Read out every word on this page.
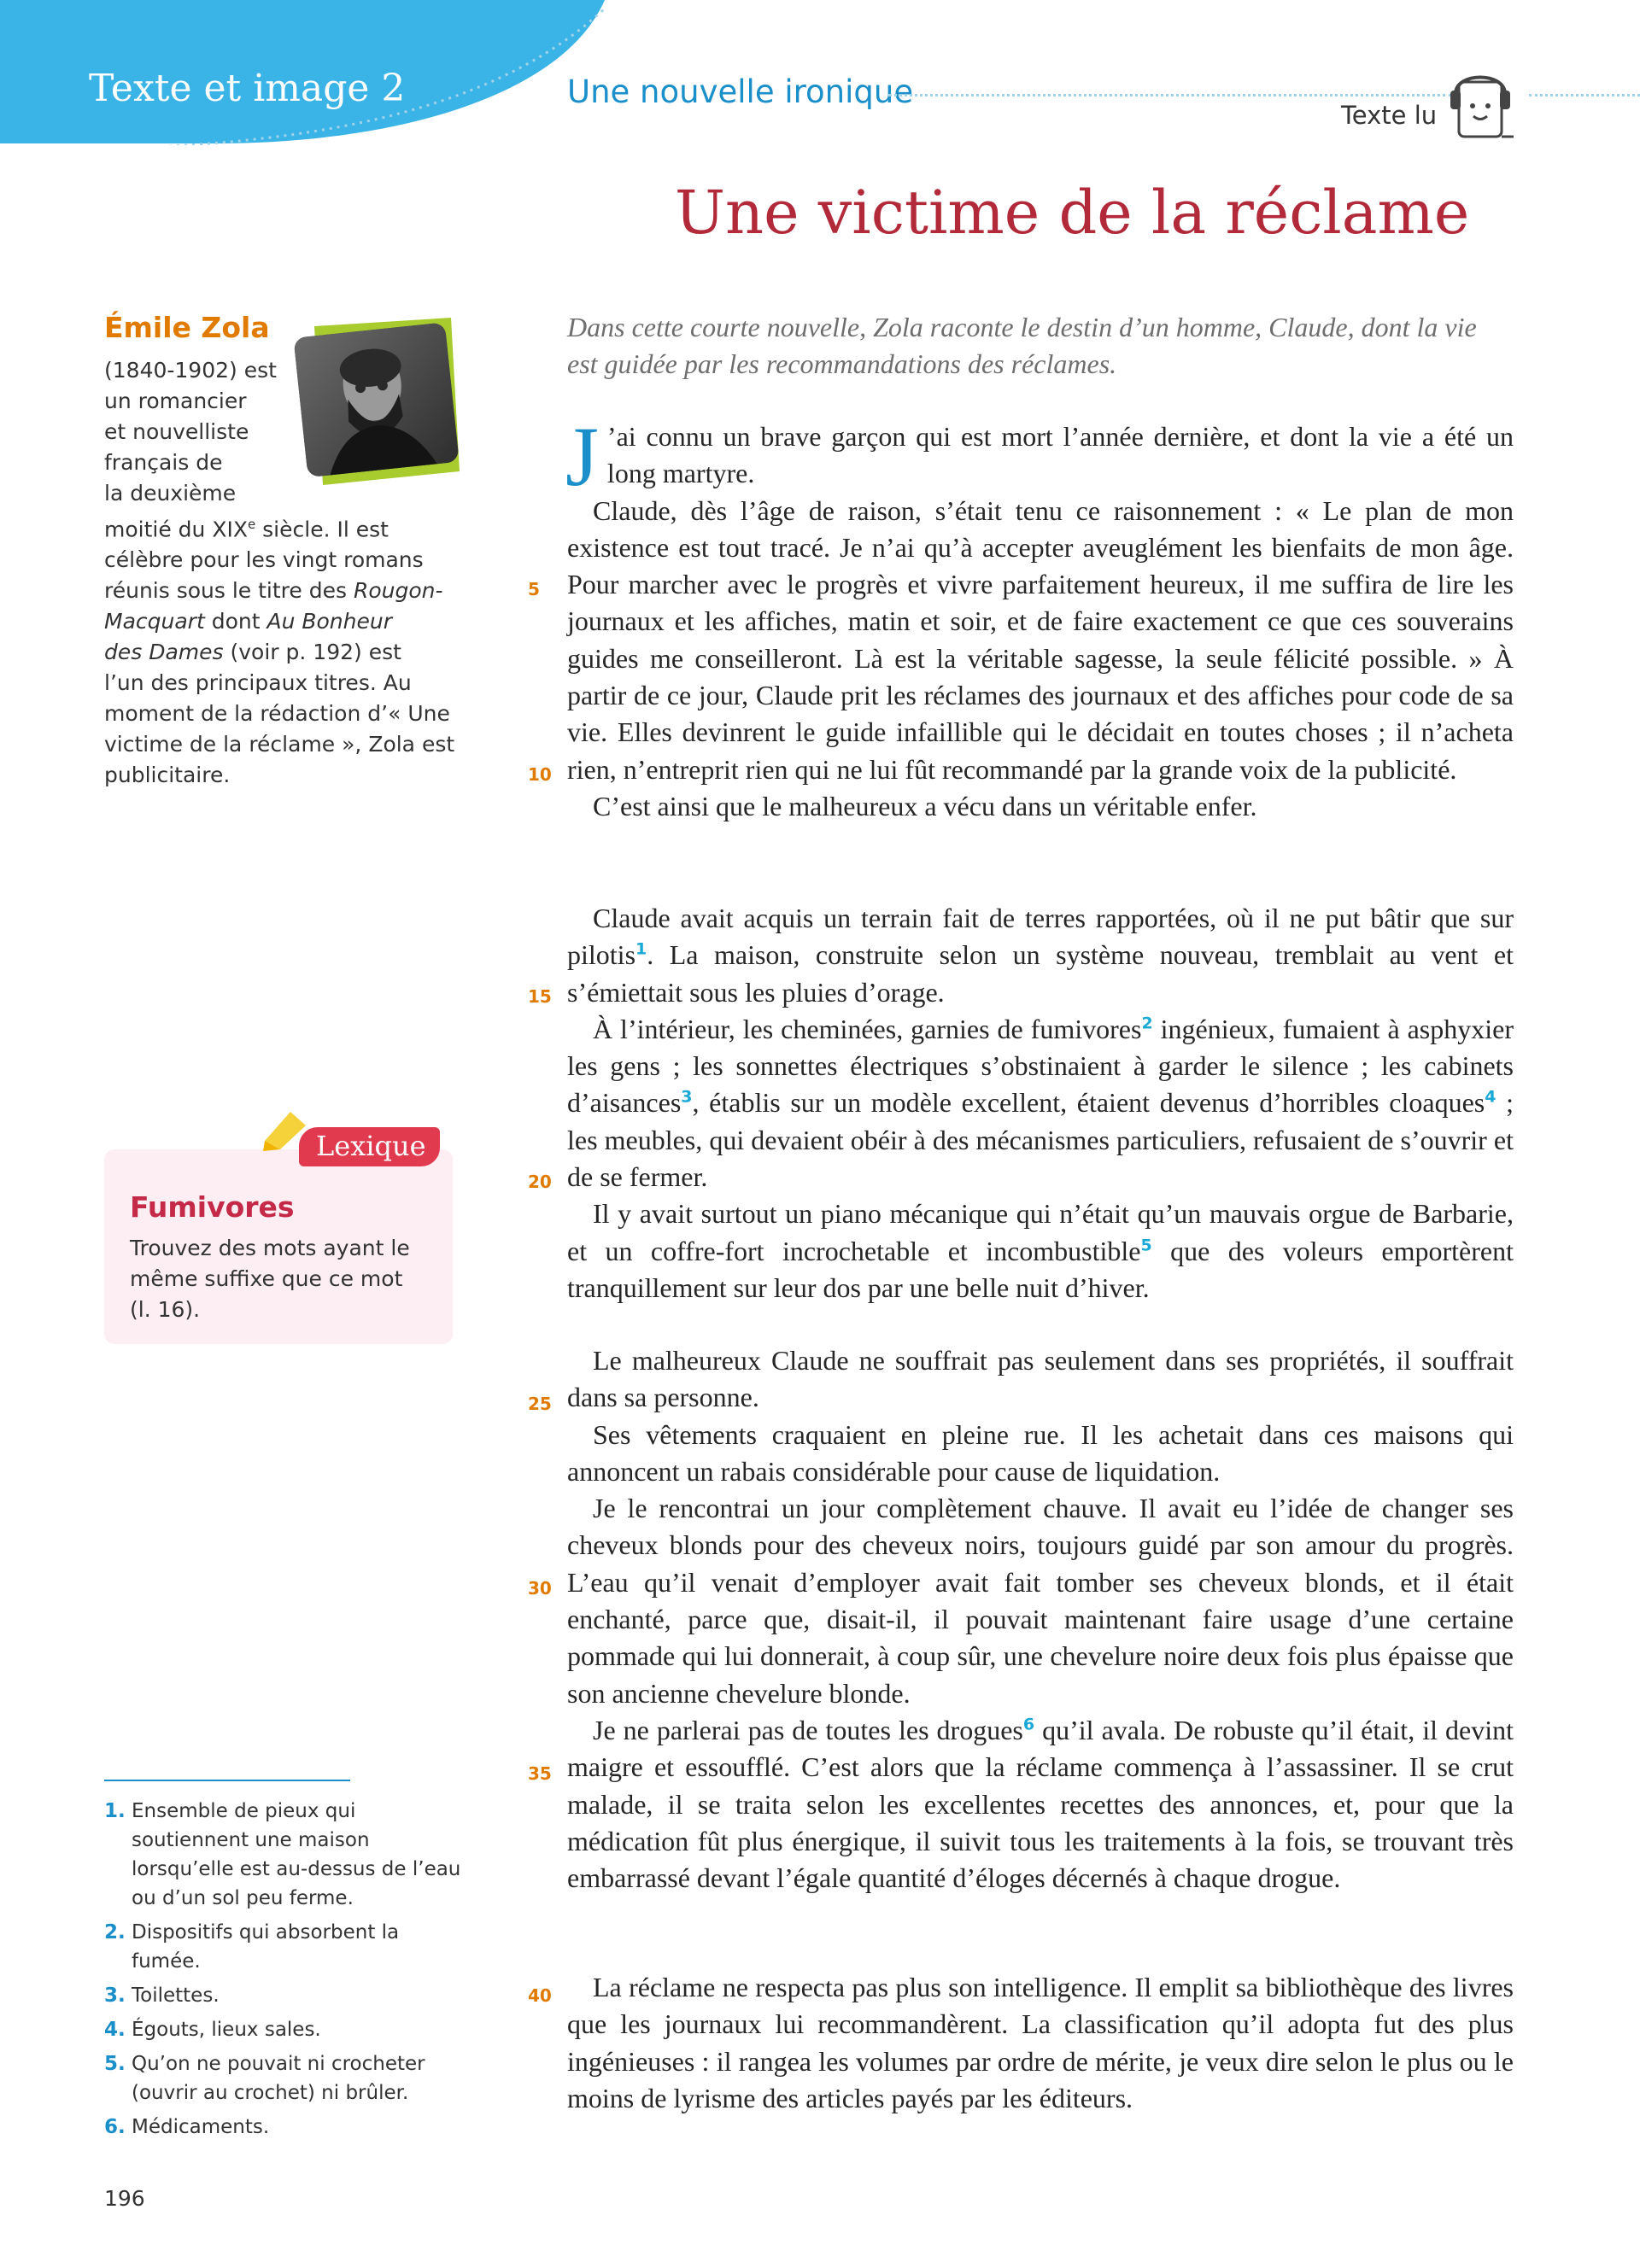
Texte et image 2	Une nouvelle ironique
Texte lu
Une victime de la réclame
Émile Zola
(1840-1902) est
un romancier
et nouvelliste
français de
la deuxième
moitié du XIXe siècle. Il est
célèbre pour les vingt romans
réunis sous le titre des Rougon-
Macquart dont Au Bonheur
des Dames (voir p. 192) est
l’un des principaux titres. Au
moment de la rédaction d’« Une
victime de la réclame », Zola est
publicitaire.
Lexique
Fumivores
Trouvez des mots ayant le même suffixe que ce mot (l. 16).
1. Ensemble de pieux qui soutiennent une maison lorsqu’elle est au-dessus de l’eau ou d’un sol peu ferme.
2. Dispositifs qui absorbent la fumée.
3. Toilettes.
4. Égouts, lieux sales.
5. Qu’on ne pouvait ni crocheter (ouvrir au crochet) ni brûler.
6. Médicaments.
196
Dans cette courte nouvelle, Zola raconte le destin d’un homme, Claude, dont la vie est guidée par les recommandations des réclames.

J ’ai connu un brave garçon qui est mort l’année dernière, et dont la vie a été un long martyre.

Claude, dès l’âge de raison, s’était tenu ce raisonnement : « Le plan de mon existence est tout tracé. Je n’ai qu’à accepter aveuglément les bienfaits de mon âge. Pour marcher avec le progrès et vivre parfaitement heureux, il me suffira de lire les journaux et les affiches, matin et soir, et de faire exactement ce que ces souverains guides me conseilleront. Là est la véritable sagesse, la seule félicité possible. » À partir de ce jour, Claude prit les réclames des journaux et des affiches pour code de sa vie. Elles devinrent le guide infaillible qui le décidait en toutes choses ; il n’acheta rien, n’entreprit rien qui ne lui fût recommandé par la grande voix de la publicité.

C’est ainsi que le malheureux a vécu dans un véritable enfer.

Claude avait acquis un terrain fait de terres rapportées, où il ne put bâtir que sur pilotis$^1$. La maison, construite selon un système nouveau, tremblait au vent et s’émiettait sous les pluies d’orage.

À l’intérieur, les cheminées, garnies de fumivores$^2$ ingénieux, fumaient à asphyxier les gens ; les sonnettes électriques s’obstinaient à garder le silence ; les cabinets d’aisances$^3$, établis sur un modèle excellent, étaient devenus d’horribles cloaques$^4$ ; les meubles, qui devaient obéir à des mécanismes particuliers, refusaient de s’ouvrir et de se fermer.

Il y avait surtout un piano mécanique qui n’était qu’un mauvais orgue de Barbarie, et un coffre-fort incrochetable et incombustible$^5$ que des voleurs emportèrent tranquillement sur leur dos par une belle nuit d’hiver.

Le malheureux Claude ne souffrait pas seulement dans ses propriétés, il souffrait dans sa personne.

Ses vêtements craquaient en pleine rue. Il les achetait dans ces maisons qui annoncent un rabais considérable pour cause de liquidation.

Je le rencontrai un jour complètement chauve. Il avait eu l’idée de changer ses cheveux blonds pour des cheveux noirs, toujours guidé par son amour du progrès. L’eau qu’il venait d’employer avait fait tomber ses cheveux blonds, et il était enchanté, parce que, disait-il, il pouvait maintenant faire usage d’une certaine pommade qui lui donnerait, à coup sûr, une chevelure noire deux fois plus épaisse que son ancienne chevelure blonde.

Je ne parlerai pas de toutes les drogues$^6$ qu’il avala. De robuste qu’il était, il devint maigre et essoufflé. C’est alors que la réclame commença à l’assassiner. Il se crut malade, il se traita selon les excellentes recettes des annonces, et, pour que la médication fût plus énergique, il suivit tous les traitements à la fois, se trouvant très embarrassé devant l’égale quantité d’éloges décernés à chaque drogue.

La réclame ne respecta pas plus son intelligence. Il emplit sa bibliothèque des livres que les journaux lui recommandèrent. La classification qu’il adopta fut des plus ingénieuses : il rangea les volumes par ordre de mérite, je veux dire selon le plus ou le moins de lyrisme des articles payés par les éditeurs.

5
10
15
20
25
30
35
40
